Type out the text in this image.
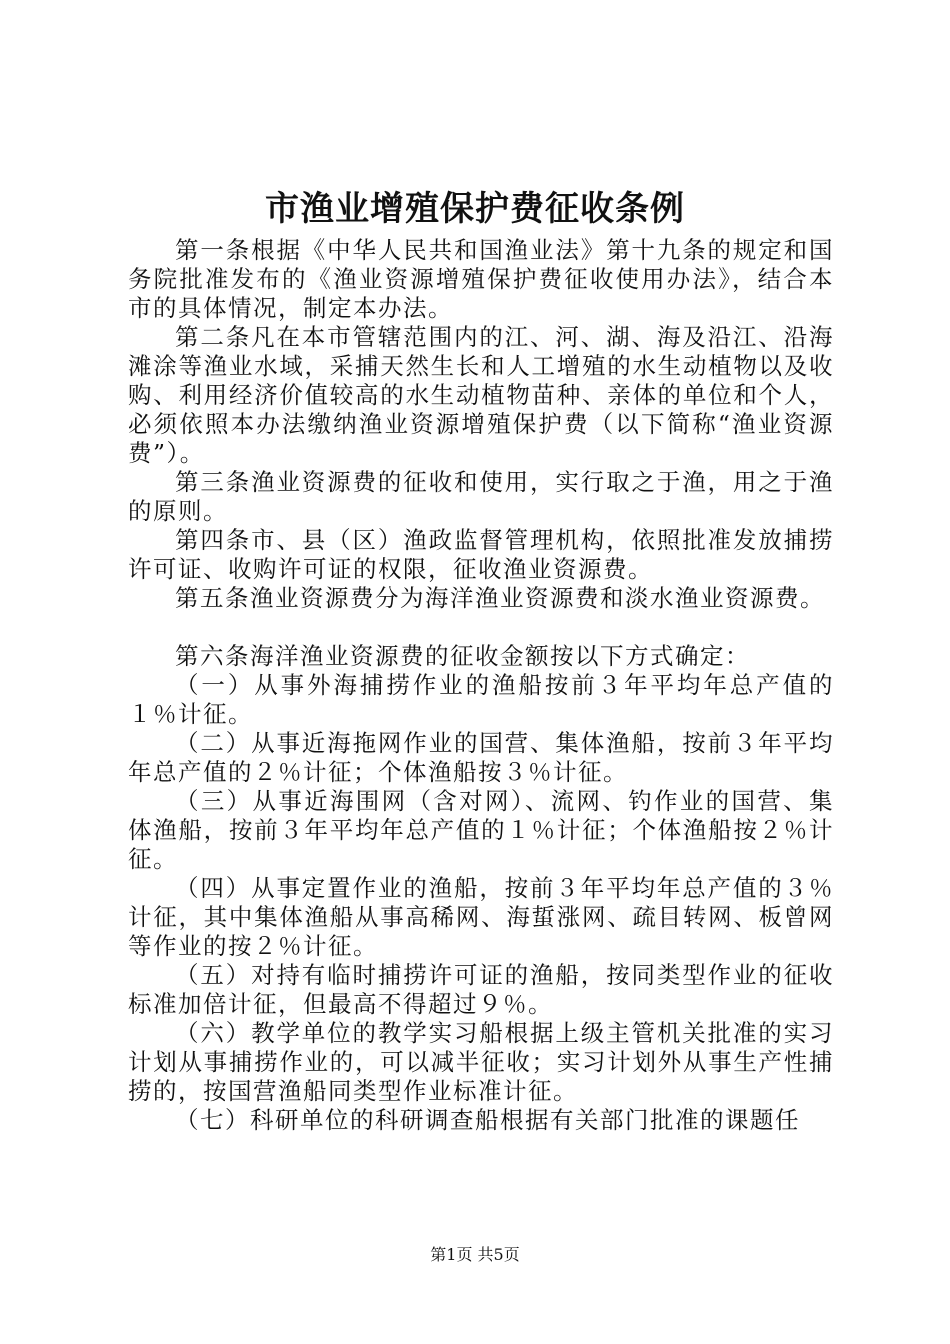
市渔业增殖保护费征收条例

第一条根据《中华人民共和国渔业法》第十九条的规定和国务院批准发布的《渔业资源增殖保护费征收使用办法》，结合本市的具体情况，制定本办法。

第二条凡在本市管辖范围内的江、河、湖、海及沿江、沿海滩涂等渔业水域，采捕天然生长和人工增殖的水生动植物以及收购、利用经济价值较高的水生动植物苗种、亲体的单位和个人，必须依照本办法缴纳渔业资源增殖保护费（以下简称“渔业资源费”）。

第三条渔业资源费的征收和使用，实行取之于渔，用之于渔的原则。

第四条市、县（区）渔政监督管理机构，依照批准发放捕捞许可证、收购许可证的权限，征收渔业资源费。

第五条渔业资源费分为海洋渔业资源费和淡水渔业资源费。

第六条海洋渔业资源费的征收金额按以下方式确定：

（一）从事外海捕捞作业的渔船按前３年平均年总产值的１％计征。

（二）从事近海拖网作业的国营、集体渔船，按前３年平均年总产值的２％计征；个体渔船按３％计征。

（三）从事近海围网（含对网）、流网、钓作业的国营、集体渔船，按前３年平均年总产值的１％计征；个体渔船按２％计征。

（四）从事定置作业的渔船，按前３年平均年总产值的３％计征，其中集体渔船从事高稀网、海蜇涨网、疏目转网、板曾网等作业的按２％计征。

（五）对持有临时捕捞许可证的渔船，按同类型作业的征收标准加倍计征，但最高不得超过９％。

（六）教学单位的教学实习船根据上级主管机关批准的实习计划从事捕捞作业的，可以减半征收；实习计划外从事生产性捕捞的，按国营渔船同类型作业标准计征。

（七）科研单位的科研调查船根据有关部门批准的课题任

第1页 共5页
